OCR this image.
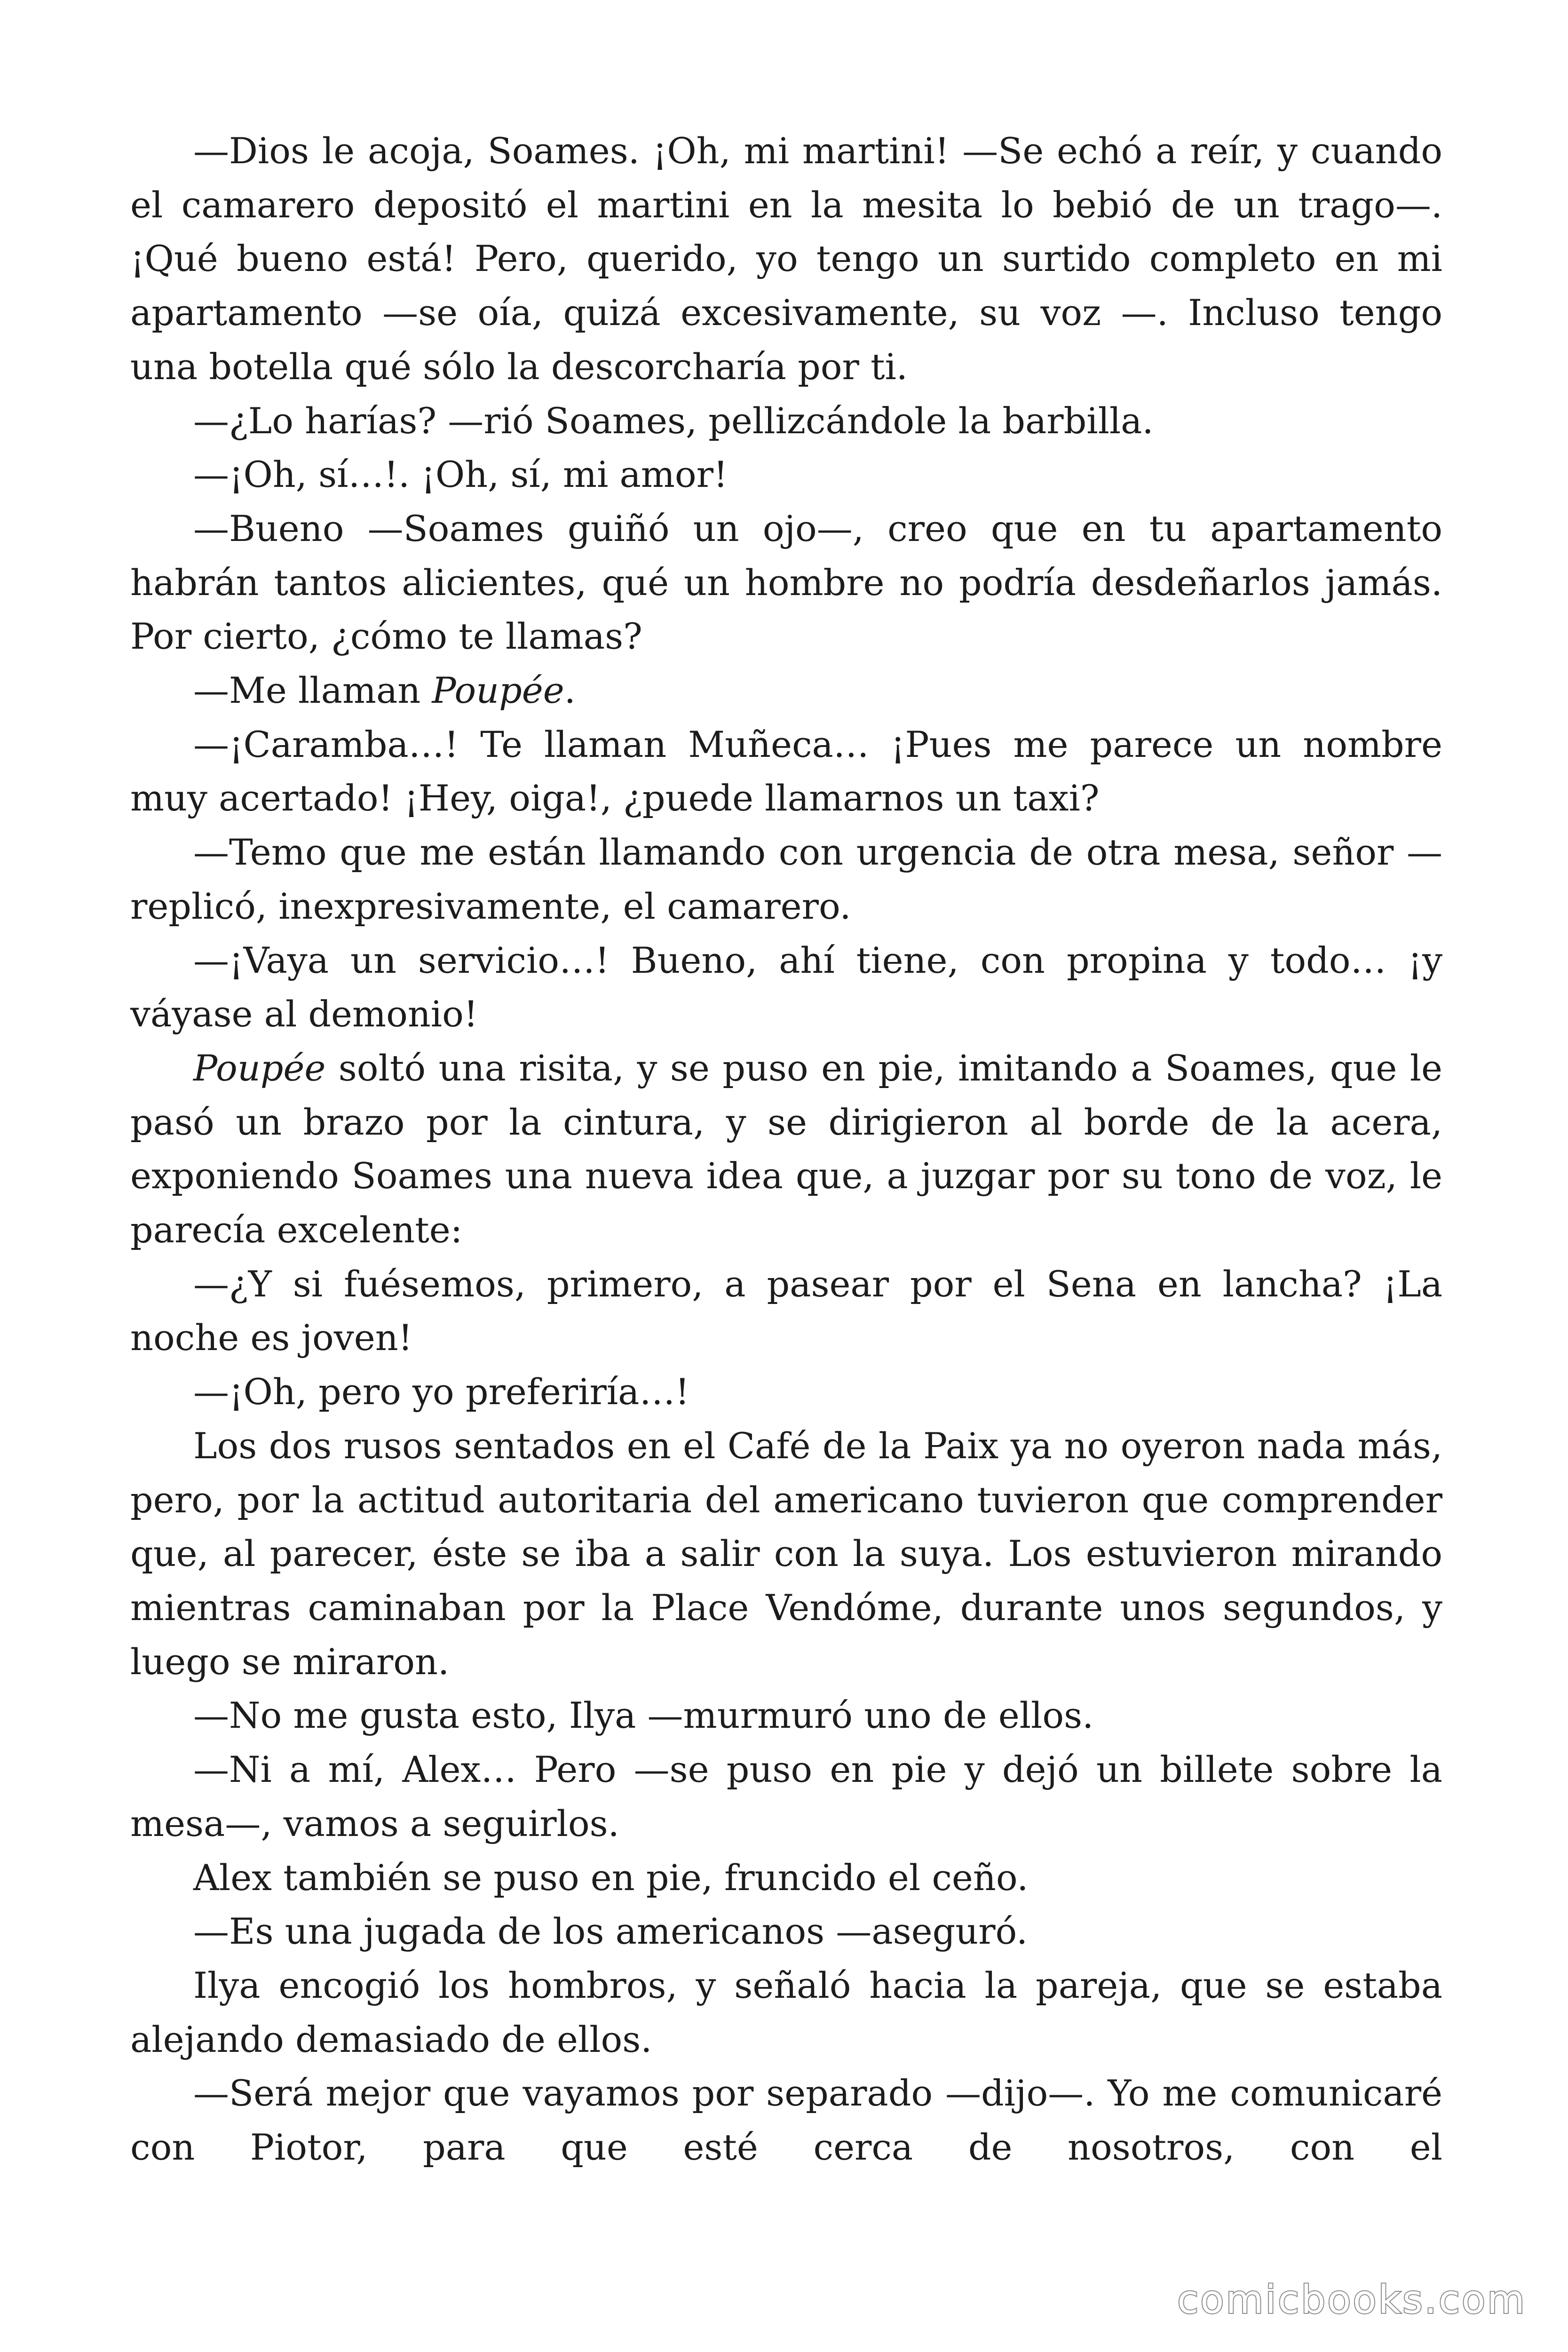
—Dios le acoja, Soames. ¡Oh, mi martini! —Se echó a reír, y cuando el camarero depositó el martini en la mesita lo bebió de un trago—. ¡Qué bueno está! Pero, querido, yo tengo un surtido completo en mi apartamento —se oía, quizá excesivamente, su voz —. Incluso tengo una botella qué sólo la descorcharía por ti.

—¿Lo harías? —rió Soames, pellizcándole la barbilla.

—¡Oh, sí…!. ¡Oh, sí, mi amor!

—Bueno —Soames guiñó un ojo—, creo que en tu apartamento habrán tantos alicientes, qué un hombre no podría desdeñarlos jamás. Por cierto, ¿cómo te llamas?

—Me llaman Poupée.

—¡Caramba…! Te llaman Muñeca… ¡Pues me parece un nombre muy acertado! ¡Hey, oiga!, ¿puede llamarnos un taxi?

—Temo que me están llamando con urgencia de otra mesa, señor —replicó, inexpresivamente, el camarero.

—¡Vaya un servicio…! Bueno, ahí tiene, con propina y todo… ¡y váyase al demonio!

Poupée soltó una risita, y se puso en pie, imitando a Soames, que le pasó un brazo por la cintura, y se dirigieron al borde de la acera, exponiendo Soames una nueva idea que, a juzgar por su tono de voz, le parecía excelente:

—¿Y si fuésemos, primero, a pasear por el Sena en lancha? ¡La noche es joven!

—¡Oh, pero yo preferiría…!

Los dos rusos sentados en el Café de la Paix ya no oyeron nada más, pero, por la actitud autoritaria del americano tuvieron que comprender que, al parecer, éste se iba a salir con la suya. Los estuvieron mirando mientras caminaban por la Place Vendóme, durante unos segundos, y luego se miraron.

—No me gusta esto, Ilya —murmuró uno de ellos.

—Ni a mí, Alex… Pero —se puso en pie y dejó un billete sobre la mesa—, vamos a seguirlos.

Alex también se puso en pie, fruncido el ceño.

—Es una jugada de los americanos —aseguró.

Ilya encogió los hombros, y señaló hacia la pareja, que se estaba alejando demasiado de ellos.

—Será mejor que vayamos por separado —dijo—. Yo me comunicaré con Piotor, para que esté cerca de nosotros, con el

comicbooks.com
